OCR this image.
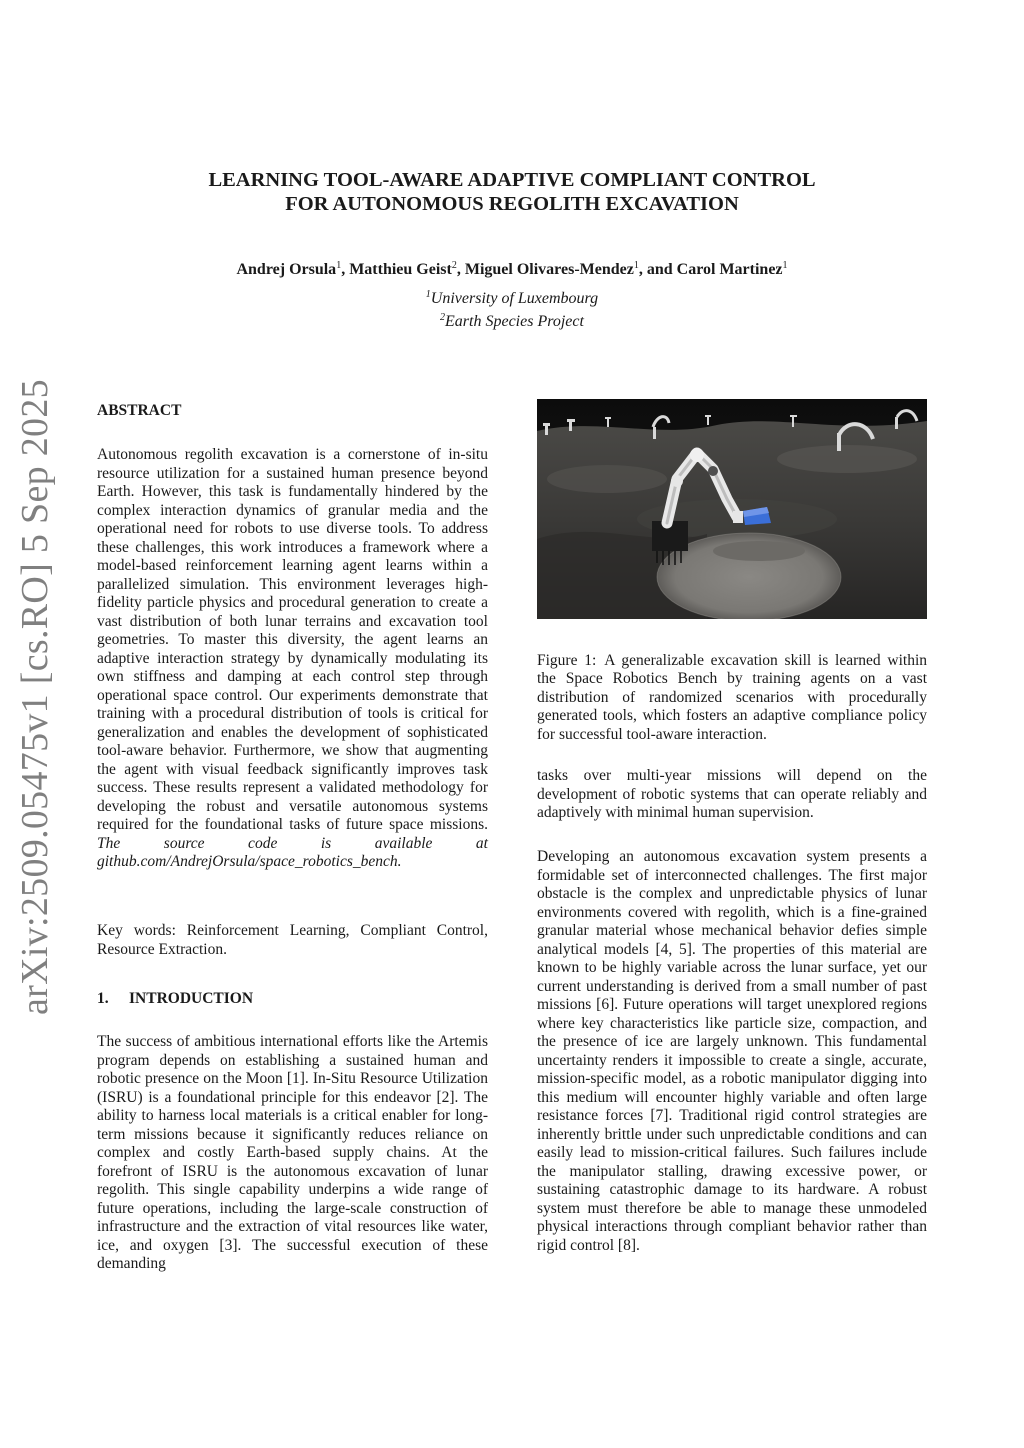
arXiv:2509.05475v1 [cs.RO] 5 Sep 2025
LEARNING TOOL-AWARE ADAPTIVE COMPLIANT CONTROL
FOR AUTONOMOUS REGOLITH EXCAVATION
Andrej Orsula$^1$, Matthieu Geist$^2$, Miguel Olivares-Mendez$^1$, and Carol Martinez$^1$
$^1$University of Luxembourg
$^2$Earth Species Project
ABSTRACT

Autonomous regolith excavation is a cornerstone of in-situ resource utilization for a sustained human presence beyond Earth. However, this task is fundamentally hindered by the complex interaction dynamics of granular media and the operational need for robots to use diverse tools. To address these challenges, this work introduces a framework where a model-based reinforcement learning agent learns within a parallelized simulation. This environment leverages high-fidelity particle physics and procedural generation to create a vast distribution of both lunar terrains and excavation tool geometries. To master this diversity, the agent learns an adaptive interaction strategy by dynamically modulating its own stiffness and damping at each control step through operational space control. Our experiments demonstrate that training with a procedural distribution of tools is critical for generalization and enables the development of sophisticated tool-aware behavior. Furthermore, we show that augmenting the agent with visual feedback significantly improves task success. These results represent a validated methodology for developing the robust and versatile autonomous systems required for the foundational tasks of future space missions. The source code is available at github.com/AndrejOrsula/space_robotics_bench.

Key words: Reinforcement Learning, Compliant Control, Resource Extraction.

1. INTRODUCTION

The success of ambitious international efforts like the Artemis program depends on establishing a sustained human and robotic presence on the Moon [1]. In-Situ Resource Utilization (ISRU) is a foundational principle for this endeavor [2]. The ability to harness local materials is a critical enabler for long-term missions because it significantly reduces reliance on complex and costly Earth-based supply chains. At the forefront of ISRU is the autonomous excavation of lunar regolith. This single capability underpins a wide range of future operations, including the large-scale construction of infrastructure and the extraction of vital resources like water, ice, and oxygen [3]. The successful execution of these demanding

Figure 1: A generalizable excavation skill is learned within the Space Robotics Bench by training agents on a vast distribution of randomized scenarios with procedurally generated tools, which fosters an adaptive compliance policy for successful tool-aware interaction.

tasks over multi-year missions will depend on the development of robotic systems that can operate reliably and adaptively with minimal human supervision.

Developing an autonomous excavation system presents a formidable set of interconnected challenges. The first major obstacle is the complex and unpredictable physics of lunar environments covered with regolith, which is a fine-grained granular material whose mechanical behavior defies simple analytical models [4, 5]. The properties of this material are known to be highly variable across the lunar surface, yet our current understanding is derived from a small number of past missions [6]. Future operations will target unexplored regions where key characteristics like particle size, compaction, and the presence of ice are largely unknown. This fundamental uncertainty renders it impossible to create a single, accurate, mission-specific model, as a robotic manipulator digging into this medium will encounter highly variable and often large resistance forces [7]. Traditional rigid control strategies are inherently brittle under such unpredictable conditions and can easily lead to mission-critical failures. Such failures include the manipulator stalling, drawing excessive power, or sustaining catastrophic damage to its hardware. A robust system must therefore be able to manage these unmodeled physical interactions through compliant behavior rather than rigid control [8].
